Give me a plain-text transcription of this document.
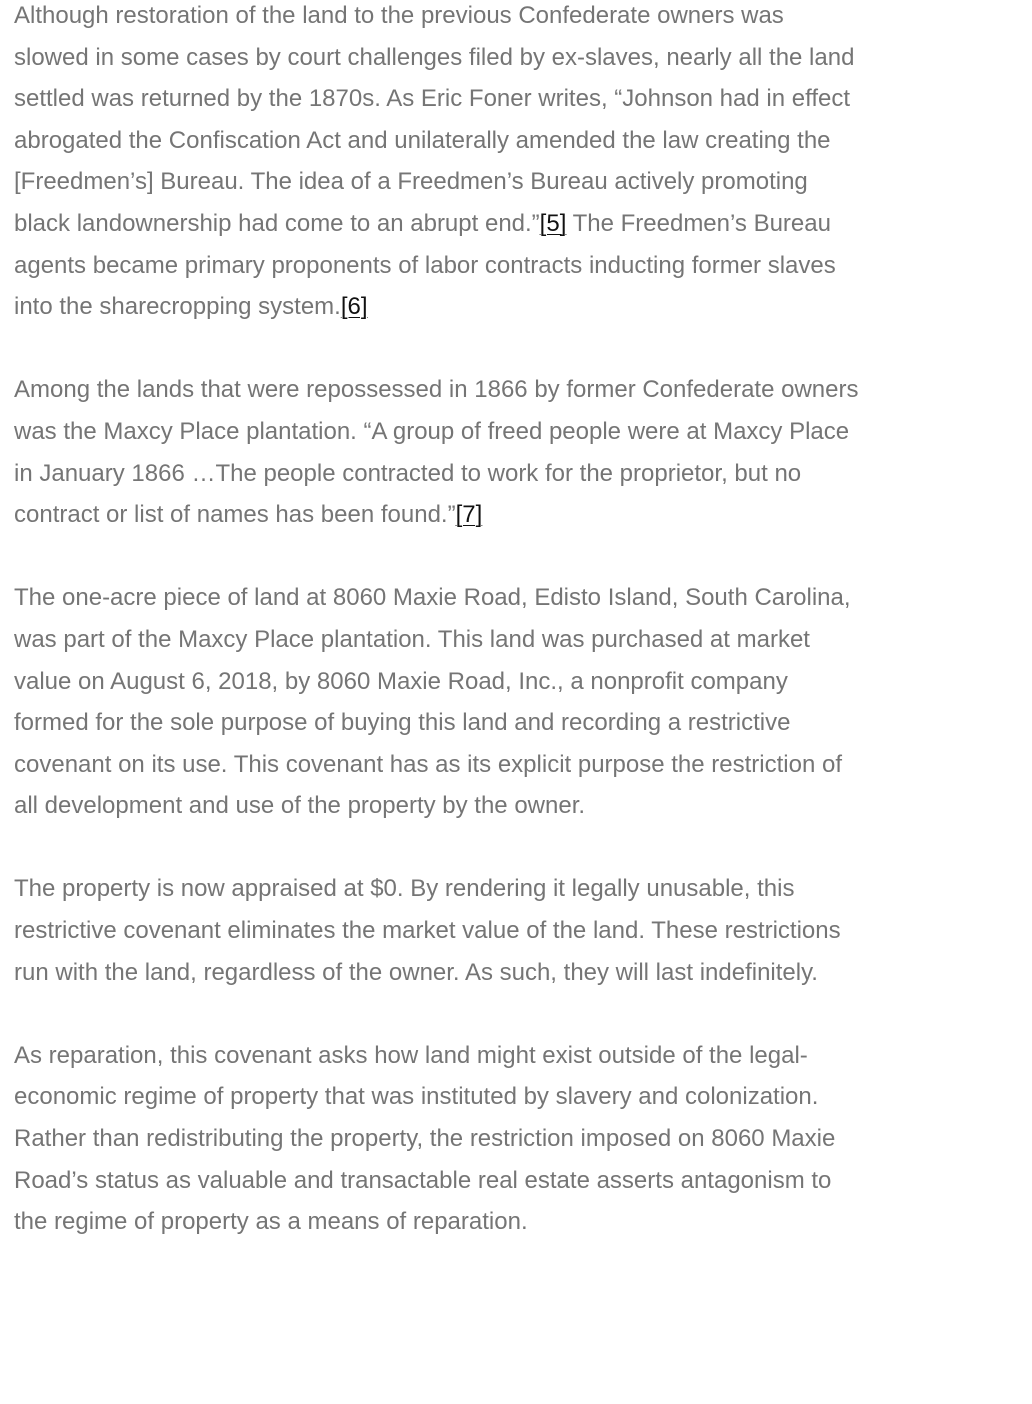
Although restoration of the land to the previous Confederate owners was slowed in some cases by court challenges filed by ex-slaves, nearly all the land settled was returned by the 1870s. As Eric Foner writes, “Johnson had in effect abrogated the Confiscation Act and unilaterally amended the law creating the [Freedmen’s] Bureau. The idea of a Freedmen’s Bureau actively promoting black landownership had come to an abrupt end.”[5] The Freedmen’s Bureau agents became primary proponents of labor contracts inducting former slaves into the sharecropping system.[6]

Among the lands that were repossessed in 1866 by former Confederate owners was the Maxcy Place plantation. “A group of freed people were at Maxcy Place in January 1866 …The people contracted to work for the proprietor, but no contract or list of names has been found.”[7]

The one-acre piece of land at 8060 Maxie Road, Edisto Island, South Carolina, was part of the Maxcy Place plantation. This land was purchased at market value on August 6, 2018, by 8060 Maxie Road, Inc., a nonprofit company formed for the sole purpose of buying this land and recording a restrictive covenant on its use. This covenant has as its explicit purpose the restriction of all development and use of the property by the owner.

The property is now appraised at $0. By rendering it legally unusable, this restrictive covenant eliminates the market value of the land. These restrictions run with the land, regardless of the owner. As such, they will last indefinitely.

As reparation, this covenant asks how land might exist outside of the legal-economic regime of property that was instituted by slavery and colonization. Rather than redistributing the property, the restriction imposed on 8060 Maxie Road’s status as valuable and transactable real estate asserts antagonism to the regime of property as a means of reparation.
